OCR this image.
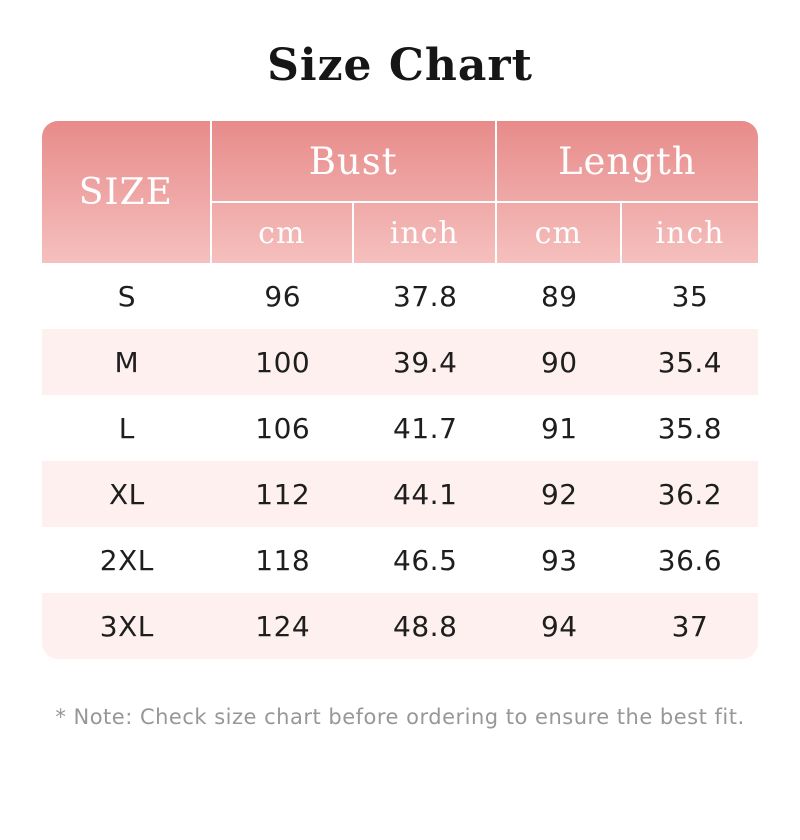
Size Chart
SIZE
Bust	Length
cm	inch	cm	inch
S	96	37.8	89	35
M	100	39.4	90	35.4
L	106	41.7	91	35.8
XL	112	44.1	92	36.2
2XL	118	46.5	93	36.6
3XL	124	48.8	94	37
* Note: Check size chart before ordering to ensure the best fit.
